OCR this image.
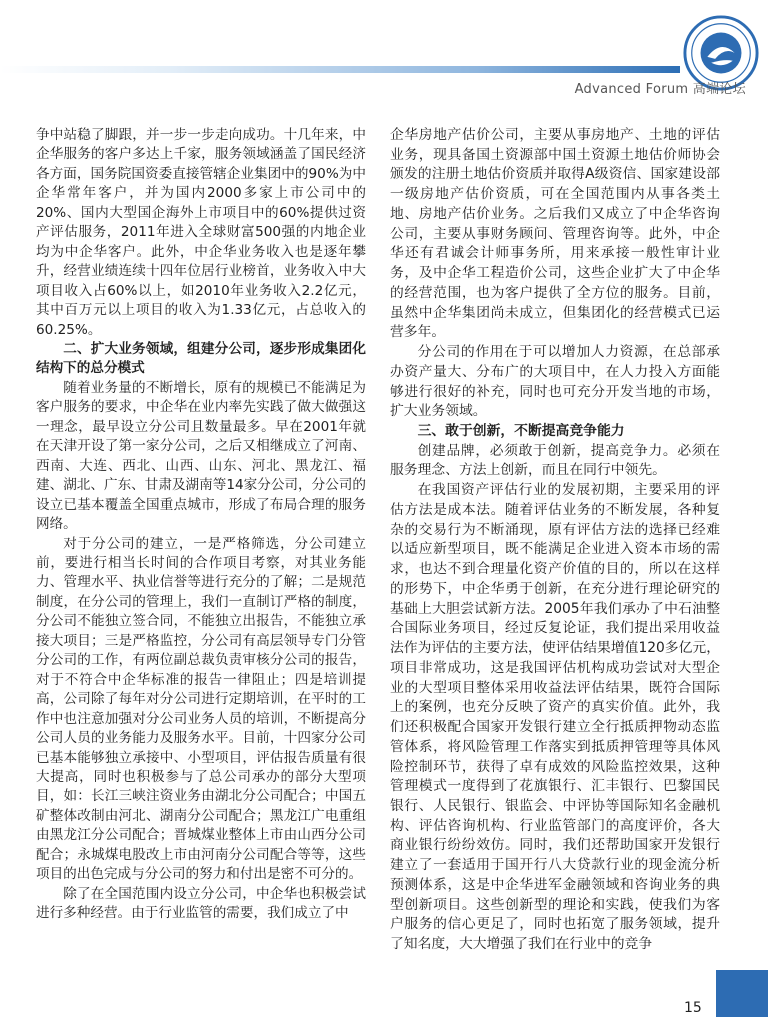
Advanced Forum 高端论坛

争中站稳了脚跟，并一步一步走向成功。十几年来，中企华服务的客户多达上千家，服务领域涵盖了国民经济各方面，国务院国资委直接管辖企业集团中的90%为中企华常年客户，并为国内2000多家上市公司中的20%、国内大型国企海外上市项目中的60%提供过资产评估服务，2011年进入全球财富500强的内地企业均为中企华客户。此外，中企华业务收入也是逐年攀升，经营业绩连续十四年位居行业榜首，业务收入中大项目收入占60%以上，如2010年业务收入2.2亿元，其中百万元以上项目的收入为1.33亿元，占总收入的60.25%。

二、扩大业务领域，组建分公司，逐步形成集团化结构下的总分模式

随着业务量的不断增长，原有的规模已不能满足为客户服务的要求，中企华在业内率先实践了做大做强这一理念，最早设立分公司且数量最多。早在2001年就在天津开设了第一家分公司，之后又相继成立了河南、西南、大连、西北、山西、山东、河北、黑龙江、福建、湖北、广东、甘肃及湖南等14家分公司，分公司的设立已基本覆盖全国重点城市，形成了布局合理的服务网络。

对于分公司的建立，一是严格筛选，分公司建立前，要进行相当长时间的合作项目考察，对其业务能力、管理水平、执业信誉等进行充分的了解；二是规范制度，在分公司的管理上，我们一直制订严格的制度，分公司不能独立签合同，不能独立出报告，不能独立承接大项目；三是严格监控，分公司有高层领导专门分管分公司的工作，有两位副总裁负责审核分公司的报告，对于不符合中企华标准的报告一律阻止；四是培训提高，公司除了每年对分公司进行定期培训，在平时的工作中也注意加强对分公司业务人员的培训，不断提高分公司人员的业务能力及服务水平。目前，十四家分公司已基本能够独立承接中、小型项目，评估报告质量有很大提高，同时也积极参与了总公司承办的部分大型项目，如：长江三峡注资业务由湖北分公司配合；中国五矿整体改制由河北、湖南分公司配合；黑龙江广电重组由黑龙江分公司配合；晋城煤业整体上市由山西分公司配合；永城煤电股改上市由河南分公司配合等等，这些项目的出色完成与分公司的努力和付出是密不可分的。

除了在全国范围内设立分公司，中企华也积极尝试进行多种经营。由于行业监管的需要，我们成立了中

企华房地产估价公司，主要从事房地产、土地的评估业务，现具备国土资源部中国土资源土地估价师协会颁发的注册土地估价资质并取得A级资信、国家建设部一级房地产估价资质，可在全国范围内从事各类土地、房地产估价业务。之后我们又成立了中企华咨询公司，主要从事财务顾问、管理咨询等。此外，中企华还有君诚会计师事务所，用来承接一般性审计业务，及中企华工程造价公司，这些企业扩大了中企华的经营范围，也为客户提供了全方位的服务。目前，虽然中企华集团尚未成立，但集团化的经营模式已运营多年。

分公司的作用在于可以增加人力资源，在总部承办资产量大、分布广的大项目中，在人力投入方面能够进行很好的补充，同时也可充分开发当地的市场，扩大业务领域。

三、敢于创新，不断提高竞争能力

创建品牌，必须敢于创新，提高竞争力。必须在服务理念、方法上创新，而且在同行中领先。

在我国资产评估行业的发展初期，主要采用的评估方法是成本法。随着评估业务的不断发展，各种复杂的交易行为不断涌现，原有评估方法的选择已经难以适应新型项目，既不能满足企业进入资本市场的需求，也达不到合理量化资产价值的目的，所以在这样的形势下，中企华勇于创新，在充分进行理论研究的基础上大胆尝试新方法。2005年我们承办了中石油整合国际业务项目，经过反复论证，我们提出采用收益法作为评估的主要方法，使评估结果增值120多亿元，项目非常成功，这是我国评估机构成功尝试对大型企业的大型项目整体采用收益法评估结果，既符合国际上的案例，也充分反映了资产的真实价值。此外，我们还积极配合国家开发银行建立全行抵质押物动态监管体系，将风险管理工作落实到抵质押管理等具体风险控制环节，获得了卓有成效的风险监控效果，这种管理模式一度得到了花旗银行、汇丰银行、巴黎国民银行、人民银行、银监会、中评协等国际知名金融机构、评估咨询机构、行业监管部门的高度评价，各大商业银行纷纷效仿。同时，我们还帮助国家开发银行建立了一套适用于国开行八大贷款行业的现金流分析预测体系，这是中企华进军金融领域和咨询业务的典型创新项目。这些创新型的理论和实践，使我们为客户服务的信心更足了，同时也拓宽了服务领域，提升了知名度，大大增强了我们在行业中的竞争

15
